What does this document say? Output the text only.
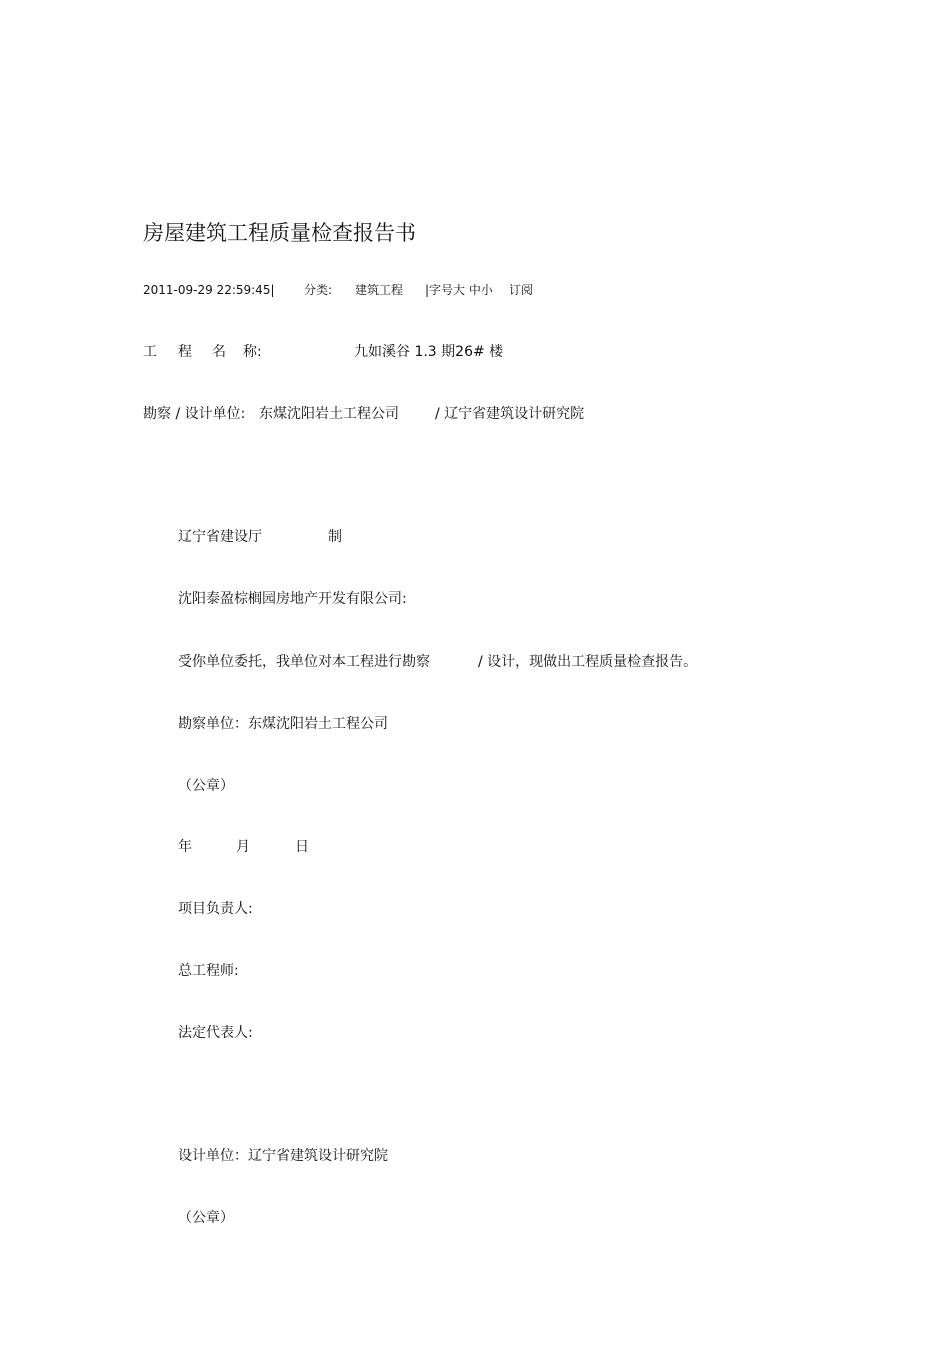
房屋建筑工程质量检查报告书
2011-09-29 22:59:45| 分类: 建筑工程 |字号大 中小 订阅
工 程 名 称:	九如溪谷 1.3 期26# 楼
勘察 / 设计单位: 东煤沈阳岩土工程公司	/ 辽宁省建筑设计研究院
辽宁省建设厅	制
沈阳泰盈棕榈园房地产开发有限公司:
受你单位委托，我单位对本工程进行勘察	/ 设计，现做出工程质量检查报告。
勘察单位：东煤沈阳岩土工程公司
（公章）
年	月	日
项目负责人:
总工程师:
法定代表人:
设计单位：辽宁省建筑设计研究院
（公章）
